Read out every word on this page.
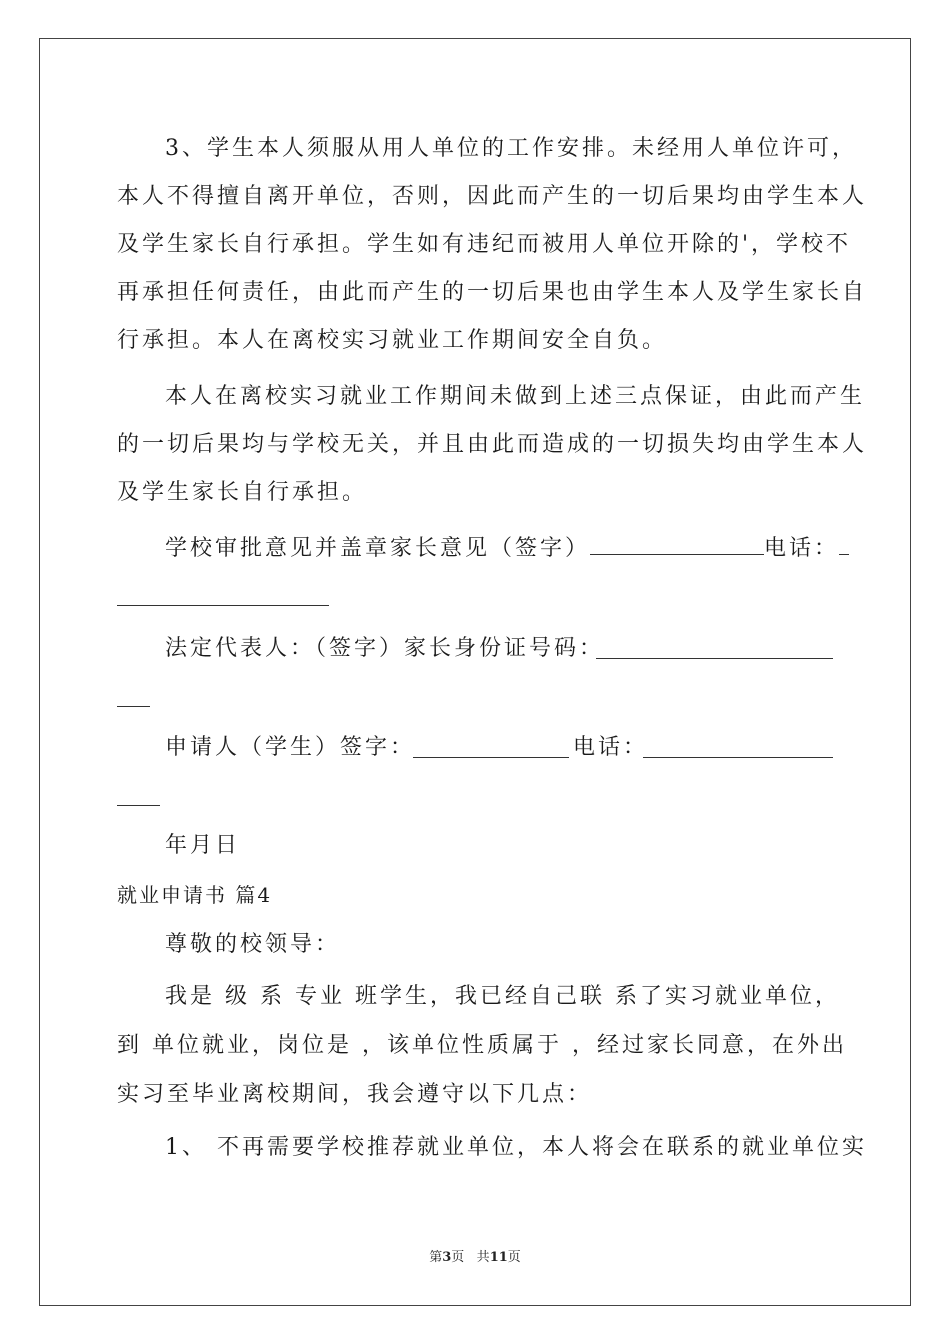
3、学生本人须服从用人单位的工作安排。未经用人单位许可，
本人不得擅自离开单位，否则，因此而产生的一切后果均由学生本人
及学生家长自行承担。学生如有违纪而被用人单位开除的'，学校不
再承担任何责任，由此而产生的一切后果也由学生本人及学生家长自
行承担。本人在离校实习就业工作期间安全自负。
本人在离校实习就业工作期间未做到上述三点保证，由此而产生
的一切后果均与学校无关，并且由此而造成的一切损失均由学生本人
及学生家长自行承担。
学校审批意见并盖章家长意见（签字）	电话：
法定代表人：（签字）家长身份证号码：
申请人（学生）签字：	电话：
年月日
就业申请书 篇4
尊敬的校领导：
我是 级 系 专业 班学生，我已经自己联 系了实习就业单位，
到 单位就业，岗位是 ，该单位性质属于 ，经过家长同意，在外出
实习至毕业离校期间，我会遵守以下几点：
1、 不再需要学校推荐就业单位，本人将会在联系的就业单位实
第3页 共11页
